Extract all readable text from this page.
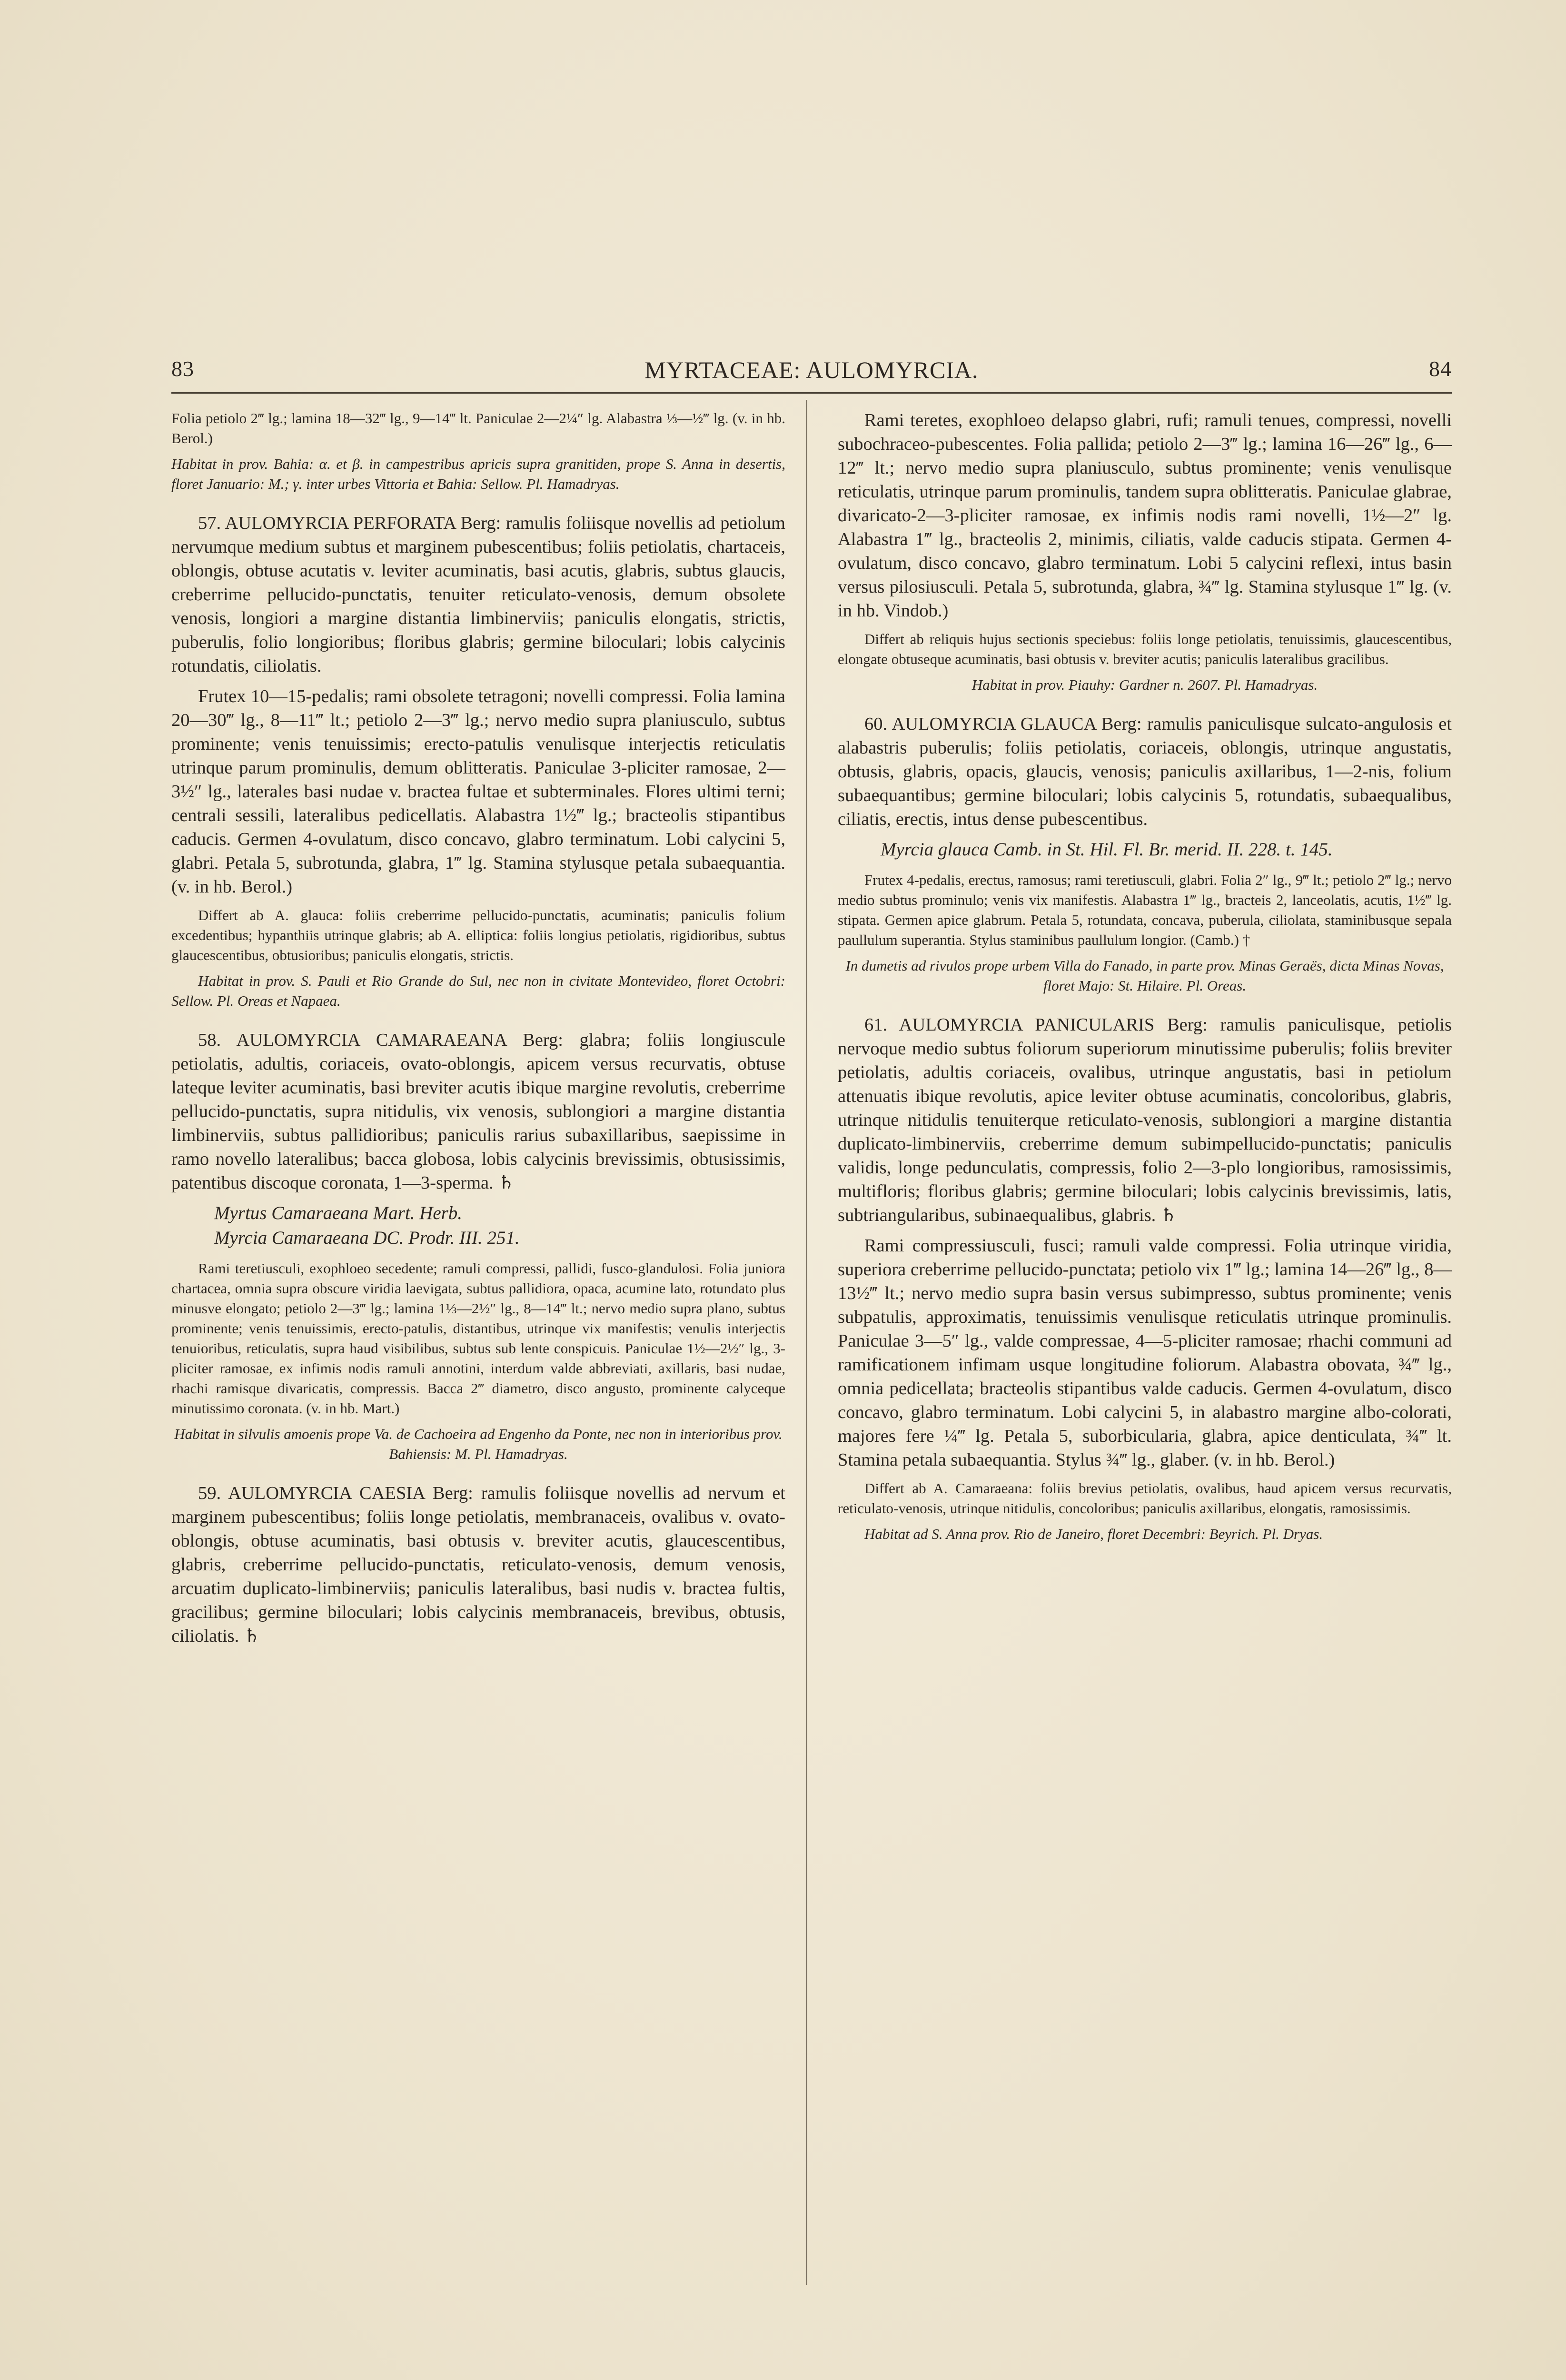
83	MYRTACEAE: AULOMYRCIA.	84

Folia petiolo 2‴ lg.; lamina 18—32‴ lg., 9—14‴ lt. Paniculae 2—2¼″ lg. Alabastra ⅓—½‴ lg. (v. in hb. Berol.)

Habitat in prov. Bahia: α. et β. in campestribus apricis supra granitiden, prope S. Anna in desertis, floret Januario: M.; γ. inter urbes Vittoria et Bahia: Sellow. Pl. Hamadryas.

57. AULOMYRCIA PERFORATA Berg: ramulis foliisque novellis ad petiolum nervumque medium subtus et marginem pubescentibus; foliis petiolatis, chartaceis, oblongis, obtuse acutatis v. leviter acuminatis, basi acutis, glabris, subtus glaucis, creberrime pellucido-punctatis, tenuiter reticulato-venosis, demum obsolete venosis, longiori a margine distantia limbinerviis; paniculis elongatis, strictis, puberulis, folio longioribus; floribus glabris; germine biloculari; lobis calycinis rotundatis, ciliolatis.

Frutex 10—15-pedalis; rami obsolete tetragoni; novelli compressi. Folia lamina 20—30‴ lg., 8—11‴ lt.; petiolo 2—3‴ lg.; nervo medio supra planiusculo, subtus prominente; venis tenuissimis; erecto-patulis venulisque interjectis reticulatis utrinque parum prominulis, demum oblitteratis. Paniculae 3-pliciter ramosae, 2—3½″ lg., laterales basi nudae v. bractea fultae et subterminales. Flores ultimi terni; centrali sessili, lateralibus pedicellatis. Alabastra 1½‴ lg.; bracteolis stipantibus caducis. Germen 4-ovulatum, disco concavo, glabro terminatum. Lobi calycini 5, glabri. Petala 5, subrotunda, glabra, 1‴ lg. Stamina stylusque petala subaequantia. (v. in hb. Berol.)

Differt ab A. glauca: foliis creberrime pellucido-punctatis, acuminatis; paniculis folium excedentibus; hypanthiis utrinque glabris; ab A. elliptica: foliis longius petiolatis, rigidioribus, subtus glaucescentibus, obtusioribus; paniculis elongatis, strictis.

Habitat in prov. S. Pauli et Rio Grande do Sul, nec non in civitate Montevideo, floret Octobri: Sellow. Pl. Oreas et Napaea.

58. AULOMYRCIA CAMARAEANA Berg: glabra; foliis longiuscule petiolatis, adultis, coriaceis, ovato-oblongis, apicem versus recurvatis, obtuse lateque leviter acuminatis, basi breviter acutis ibique margine revolutis, creberrime pellucido-punctatis, supra nitidulis, vix venosis, sublongiori a margine distantia limbinerviis, subtus pallidioribus; paniculis rarius subaxillaribus, saepissime in ramo novello lateralibus; bacca globosa, lobis calycinis brevissimis, obtusissimis, patentibus discoque coronata, 1—3-sperma. ♄

Myrtus Camaraeana Mart. Herb.

Myrcia Camaraeana DC. Prodr. III. 251.

Rami teretiusculi, exophloeo secedente; ramuli compressi, pallidi, fusco-glandulosi. Folia juniora chartacea, omnia supra obscure viridia laevigata, subtus pallidiora, opaca, acumine lato, rotundato plus minusve elongato; petiolo 2—3‴ lg.; lamina 1⅓—2½″ lg., 8—14‴ lt.; nervo medio supra plano, subtus prominente; venis tenuissimis, erecto-patulis, distantibus, utrinque vix manifestis; venulis interjectis tenuioribus, reticulatis, supra haud visibilibus, subtus sub lente conspicuis. Paniculae 1½—2½″ lg., 3-pliciter ramosae, ex infimis nodis ramuli annotini, interdum valde abbreviati, axillaris, basi nudae, rhachi ramisque divaricatis, compressis. Bacca 2‴ diametro, disco angusto, prominente calyceque minutissimo coronata. (v. in hb. Mart.)

Habitat in silvulis amoenis prope Va. de Cachoeira ad Engenho da Ponte, nec non in interioribus prov. Bahiensis: M. Pl. Hamadryas.

59. AULOMYRCIA CAESIA Berg: ramulis foliisque novellis ad nervum et marginem pubescentibus; foliis longe petiolatis, membranaceis, ovalibus v. ovato-oblongis, obtuse acuminatis, basi obtusis v. breviter acutis, glaucescentibus, glabris, creberrime pellucido-punctatis, reticulato-venosis, demum venosis, arcuatim duplicato-limbinerviis; paniculis lateralibus, basi nudis v. bractea fultis, gracilibus; germine biloculari; lobis calycinis membranaceis, brevibus, obtusis, ciliolatis. ♄

Rami teretes, exophloeo delapso glabri, rufi; ramuli tenues, compressi, novelli subochraceo-pubescentes. Folia pallida; petiolo 2—3‴ lg.; lamina 16—26‴ lg., 6—12‴ lt.; nervo medio supra planiusculo, subtus prominente; venis venulisque reticulatis, utrinque parum prominulis, tandem supra oblitteratis. Paniculae glabrae, divaricato-2—3-pliciter ramosae, ex infimis nodis rami novelli, 1½—2″ lg. Alabastra 1‴ lg., bracteolis 2, minimis, ciliatis, valde caducis stipata. Germen 4-ovulatum, disco concavo, glabro terminatum. Lobi 5 calycini reflexi, intus basin versus pilosiusculi. Petala 5, subrotunda, glabra, ¾‴ lg. Stamina stylusque 1‴ lg. (v. in hb. Vindob.)

Differt ab reliquis hujus sectionis speciebus: foliis longe petiolatis, tenuissimis, glaucescentibus, elongate obtuseque acuminatis, basi obtusis v. breviter acutis; paniculis lateralibus gracilibus.

Habitat in prov. Piauhy: Gardner n. 2607. Pl. Hamadryas.

60. AULOMYRCIA GLAUCA Berg: ramulis paniculisque sulcato-angulosis et alabastris puberulis; foliis petiolatis, coriaceis, oblongis, utrinque angustatis, obtusis, glabris, opacis, glaucis, venosis; paniculis axillaribus, 1—2-nis, folium subaequantibus; germine biloculari; lobis calycinis 5, rotundatis, subaequalibus, ciliatis, erectis, intus dense pubescentibus.

Myrcia glauca Camb. in St. Hil. Fl. Br. merid. II. 228. t. 145.

Frutex 4-pedalis, erectus, ramosus; rami teretiusculi, glabri. Folia 2″ lg., 9‴ lt.; petiolo 2‴ lg.; nervo medio subtus prominulo; venis vix manifestis. Alabastra 1‴ lg., bracteis 2, lanceolatis, acutis, 1½‴ lg. stipata. Germen apice glabrum. Petala 5, rotundata, concava, puberula, ciliolata, staminibusque sepala paullulum superantia. Stylus staminibus paullulum longior. (Camb.) †

In dumetis ad rivulos prope urbem Villa do Fanado, in parte prov. Minas Geraës, dicta Minas Novas, floret Majo: St. Hilaire. Pl. Oreas.

61. AULOMYRCIA PANICULARIS Berg: ramulis paniculisque, petiolis nervoque medio subtus foliorum superiorum minutissime puberulis; foliis breviter petiolatis, adultis coriaceis, ovalibus, utrinque angustatis, basi in petiolum attenuatis ibique revolutis, apice leviter obtuse acuminatis, concoloribus, glabris, utrinque nitidulis tenuiterque reticulato-venosis, sublongiori a margine distantia duplicato-limbinerviis, creberrime demum subimpellucido-punctatis; paniculis validis, longe pedunculatis, compressis, folio 2—3-plo longioribus, ramosissimis, multifloris; floribus glabris; germine biloculari; lobis calycinis brevissimis, latis, subtriangularibus, subinaequalibus, glabris. ♄

Rami compressiusculi, fusci; ramuli valde compressi. Folia utrinque viridia, superiora creberrime pellucido-punctata; petiolo vix 1‴ lg.; lamina 14—26‴ lg., 8—13½‴ lt.; nervo medio supra basin versus subimpresso, subtus prominente; venis subpatulis, approximatis, tenuissimis venulisque reticulatis utrinque prominulis. Paniculae 3—5″ lg., valde compressae, 4—5-pliciter ramosae; rhachi communi ad ramificationem infimam usque longitudine foliorum. Alabastra obovata, ¾‴ lg., omnia pedicellata; bracteolis stipantibus valde caducis. Germen 4-ovulatum, disco concavo, glabro terminatum. Lobi calycini 5, in alabastro margine albo-colorati, majores fere ¼‴ lg. Petala 5, suborbicularia, glabra, apice denticulata, ¾‴ lt. Stamina petala subaequantia. Stylus ¾‴ lg., glaber. (v. in hb. Berol.)

Differt ab A. Camaraeana: foliis brevius petiolatis, ovalibus, haud apicem versus recurvatis, reticulato-venosis, utrinque nitidulis, concoloribus; paniculis axillaribus, elongatis, ramosissimis.

Habitat ad S. Anna prov. Rio de Janeiro, floret Decembri: Beyrich. Pl. Dryas.
